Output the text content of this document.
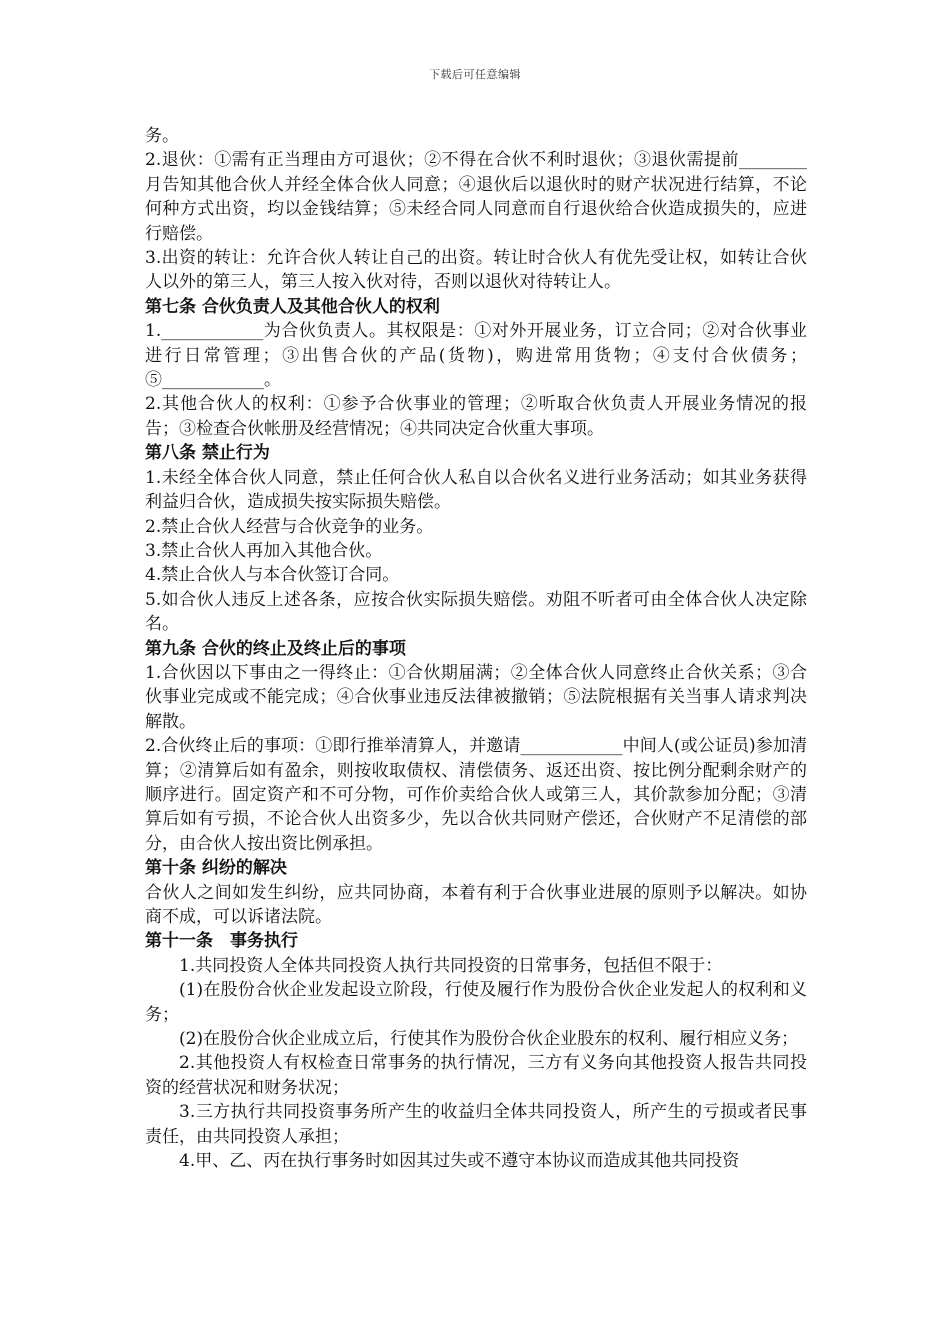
下载后可任意编辑

务。

2.退伙：①需有正当理由方可退伙；②不得在合伙不利时退伙；③退伙需提前________月告知其他合伙人并经全体合伙人同意；④退伙后以退伙时的财产状况进行结算，不论何种方式出资，均以金钱结算；⑤未经合同人同意而自行退伙给合伙造成损失的，应进行赔偿。

3.出资的转让：允许合伙人转让自己的出资。转让时合伙人有优先受让权，如转让合伙人以外的第三人，第三人按入伙对待，否则以退伙对待转让人。

第七条 合伙负责人及其他合伙人的权利

1.____________为合伙负责人。其权限是：①对外开展业务，订立合同；②对合伙事业进行日常管理；③出售合伙的产品(货物)，购进常用货物；④支付合伙债务；⑤____________。

2.其他合伙人的权利：①参予合伙事业的管理；②听取合伙负责人开展业务情况的报告；③检查合伙帐册及经营情况；④共同决定合伙重大事项。

第八条 禁止行为

1.未经全体合伙人同意，禁止任何合伙人私自以合伙名义进行业务活动；如其业务获得利益归合伙，造成损失按实际损失赔偿。

2.禁止合伙人经营与合伙竞争的业务。

3.禁止合伙人再加入其他合伙。

4.禁止合伙人与本合伙签订合同。

5.如合伙人违反上述各条，应按合伙实际损失赔偿。劝阻不听者可由全体合伙人决定除名。

第九条 合伙的终止及终止后的事项

1.合伙因以下事由之一得终止：①合伙期届满；②全体合伙人同意终止合伙关系；③合伙事业完成或不能完成；④合伙事业违反法律被撤销；⑤法院根据有关当事人请求判决解散。

2.合伙终止后的事项：①即行推举清算人，并邀请____________中间人(或公证员)参加清算；②清算后如有盈余，则按收取债权、清偿债务、返还出资、按比例分配剩余财产的顺序进行。固定资产和不可分物，可作价卖给合伙人或第三人，其价款参加分配；③清算后如有亏损，不论合伙人出资多少，先以合伙共同财产偿还，合伙财产不足清偿的部分，由合伙人按出资比例承担。

第十条 纠纷的解决

合伙人之间如发生纠纷，应共同协商，本着有利于合伙事业进展的原则予以解决。如协商不成，可以诉诸法院。

第十一条　事务执行

1.共同投资人全体共同投资人执行共同投资的日常事务，包括但不限于：

(1)在股份合伙企业发起设立阶段，行使及履行作为股份合伙企业发起人的权利和义务；

(2)在股份合伙企业成立后，行使其作为股份合伙企业股东的权利、履行相应义务；

2.其他投资人有权检查日常事务的执行情况，三方有义务向其他投资人报告共同投资的经营状况和财务状况；

3.三方执行共同投资事务所产生的收益归全体共同投资人，所产生的亏损或者民事责任，由共同投资人承担；

4.甲、乙、丙在执行事务时如因其过失或不遵守本协议而造成其他共同投资
